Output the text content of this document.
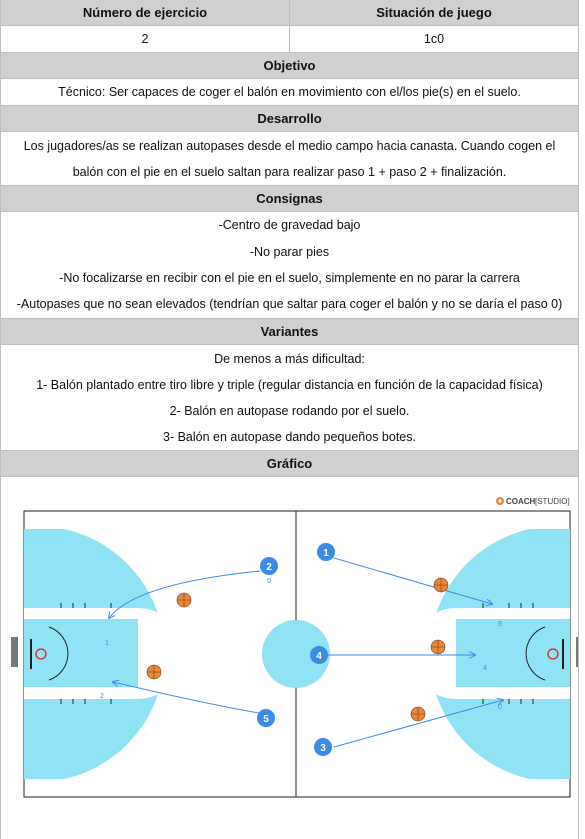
Número de ejercicio	Situación de juego
2	1c0
Objetivo
Técnico: Ser capaces de coger el balón en movimiento con el/los pie(s) en el suelo.
Desarrollo
Los jugadores/as se realizan autopases desde el medio campo hacia canasta. Cuando cogen el
balón con el pie en el suelo saltan para realizar paso 1 + paso 2 + finalización.
Consignas
-Centro de gravedad bajo
-No parar pies
-No focalizarse en recibir con el pie en el suelo, simplemente en no parar la carrera
-Autopases que no sean elevados (tendrían que saltar para coger el balón y no se daría el paso 0)
Variantes
De menos a más dificultad:
1- Balón plantado entre tiro libre y triple (regular distancia en función de la capacidad física)
2- Balón en autopase rodando por el suelo.
3- Balón en autopase dando pequeños botes.
Gráfico
COACH [STUDIO]
0
1
2
4
5
0
1
2
3
4
5
